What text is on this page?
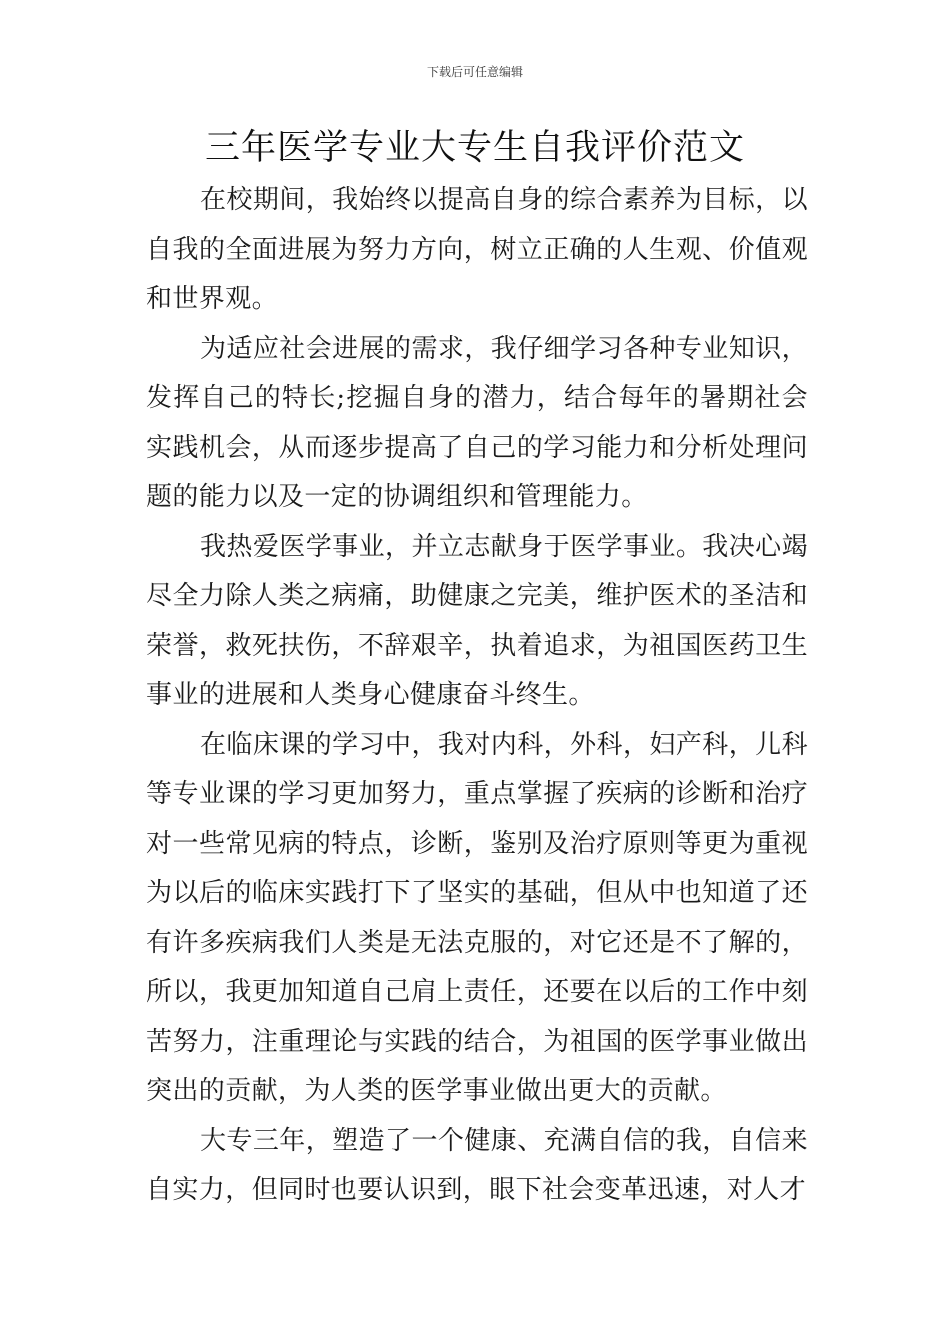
下载后可任意编辑
三年医学专业大专生自我评价范文

在校期间，我始终以提高自身的综合素养为目标，以自我的全面进展为努力方向，树立正确的人生观、价值观和世界观。

为适应社会进展的需求，我仔细学习各种专业知识，发挥自己的特长;挖掘自身的潜力，结合每年的暑期社会实践机会，从而逐步提高了自己的学习能力和分析处理问题的能力以及一定的协调组织和管理能力。

我热爱医学事业，并立志献身于医学事业。我决心竭尽全力除人类之病痛，助健康之完美，维护医术的圣洁和荣誉，救死扶伤，不辞艰辛，执着追求，为祖国医药卫生事业的进展和人类身心健康奋斗终生。

在临床课的学习中，我对内科，外科，妇产科，儿科等专业课的学习更加努力，重点掌握了疾病的诊断和治疗对一些常见病的特点，诊断，鉴别及治疗原则等更为重视为以后的临床实践打下了坚实的基础，但从中也知道了还有许多疾病我们人类是无法克服的，对它还是不了解的，所以，我更加知道自己肩上责任，还要在以后的工作中刻苦努力，注重理论与实践的结合，为祖国的医学事业做出突出的贡献，为人类的医学事业做出更大的贡献。

大专三年，塑造了一个健康、充满自信的我，自信来自实力，但同时也要认识到，眼下社会变革迅速，对人才
